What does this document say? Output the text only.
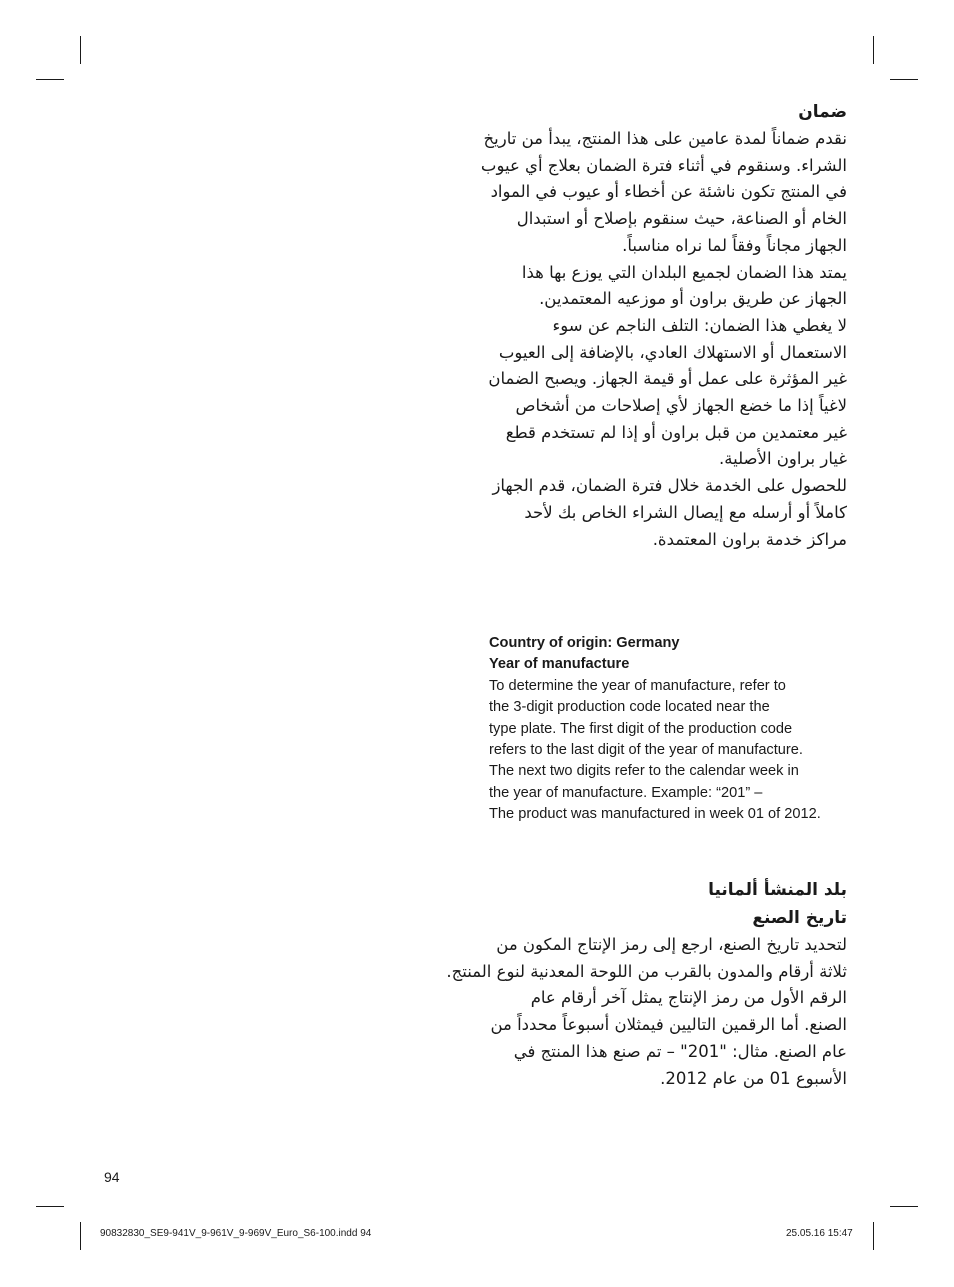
ضمان
نقدم ضماناً لمدة عامين على هذا المنتج، يبدأ من تاريخ
الشراء. وسنقوم في أثناء فترة الضمان بعلاج أي عيوب
في المنتج تكون ناشئة عن أخطاء أو عيوب في المواد
الخام أو الصناعة، حيث سنقوم بإصلاح أو استبدال
الجهاز مجاناً وفقاً لما نراه مناسباً.
يمتد هذا الضمان لجميع البلدان التي يوزع بها هذا
الجهاز عن طريق براون أو موزعيه المعتمدين.
لا يغطي هذا الضمان: التلف الناجم عن سوء
الاستعمال أو الاستهلاك العادي، بالإضافة إلى العيوب
غير المؤثرة على عمل أو قيمة الجهاز. ويصبح الضمان
لاغياً إذا ما خضع الجهاز لأي إصلاحات من أشخاص
غير معتمدين من قبل براون أو إذا لم تستخدم قطع
غيار براون الأصلية.
للحصول على الخدمة خلال فترة الضمان، قدم الجهاز
كاملاً أو أرسله مع إيصال الشراء الخاص بك لأحد
مراكز خدمة براون المعتمدة.
Country of origin: Germany
Year of manufacture
To determine the year of manufacture, refer to
the 3-digit production code located near the
type plate. The first digit of the production code
refers to the last digit of the year of manufacture.
The next two digits refer to the calendar week in
the year of manufacture. Example: “201” –
The product was manufactured in week 01 of 2012.
بلد المنشأ ألمانيا
تاريخ الصنع
لتحديد تاريخ الصنع، ارجع إلى رمز الإنتاج المكون من
ثلاثة أرقام والمدون بالقرب من اللوحة المعدنية لنوع المنتج.
الرقم الأول من رمز الإنتاج يمثل آخر أرقام عام
الصنع. أما الرقمين التاليين فيمثلان أسبوعاً محدداً من
عام الصنع. مثال: "201" – تم صنع هذا المنتج في
الأسبوع 01 من عام 2012.
94
90832830_SE9-941V_9-961V_9-969V_Euro_S6-100.indd 94	25.05.16 15:47
